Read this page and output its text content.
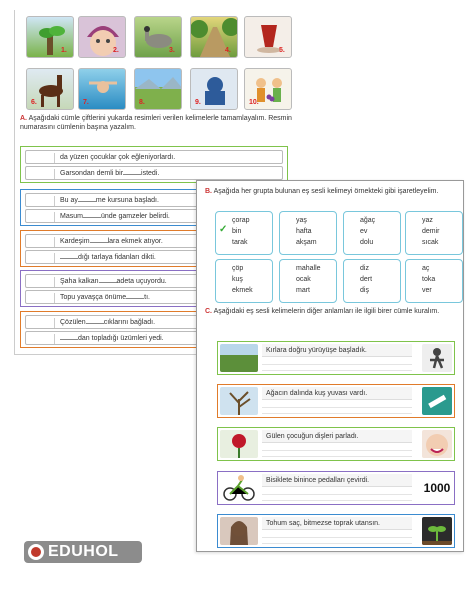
1.	2.	3.	4.	5.
6.	7.	8.	9.	10.
A. Aşağıdaki cümle çiftlerini yukarda resimleri verilen kelimelerle tamamlayalım. Resmin numarasını cümlenin başına yazalım.
da yüzen çocuklar çok eğleniyorlardı.
Garsondan demli bir	istedi.
Bu ay	me kursuna başladı.
Masum	ünde gamzeler belirdi.
Kardeşim	lara ekmek atıyor.
dığı tarlaya fidanları dikti.
Şaha kalkan	adeta uçuyordu.
Topu yavaşça önüme	tı.
Çözülen	cıklarını bağladı.
dan topladığı üzümleri yedi.
B. Aşağıda her grupta bulunan eş sesli kelimeyi örnekteki gibi işaretleyelim.
✓
çorap
bin
tarak
yaş
hafta
akşam
ağaç
ev
dolu
yaz
demir
sıcak
çöp
kuş
ekmek
mahalle
ocak
mart
diz
dert
diş
aç
toka
ver
C. Aşağıdaki eş sesli kelimelerin diğer anlamları ile ilgili birer cümle kuralım.
Kırlara doğru yürüyüşe başladık.
Ağacın dalında kuş yuvası vardı.
Gülen çocuğun dişleri parladı.
Bisiklete binince pedalları çevirdi.
1000
Tohum saç, bitmezse toprak utansın.
EDUHOL
